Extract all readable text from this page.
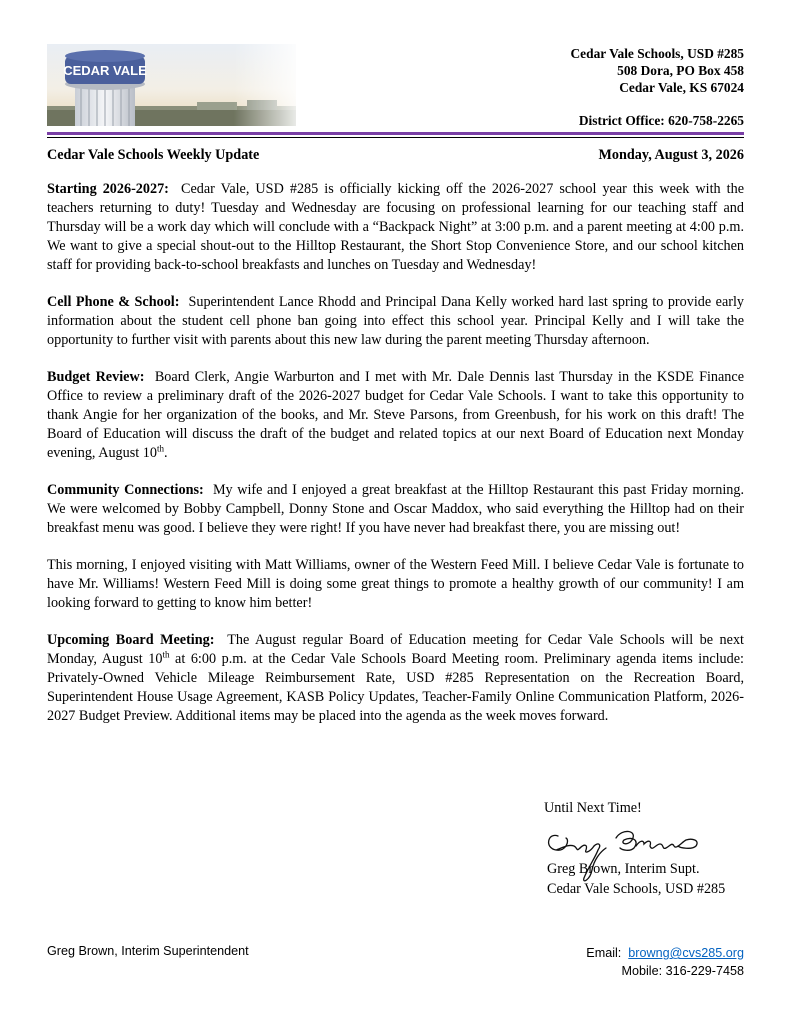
Cedar Vale Schools, USD #285
508 Dora, PO Box 458
Cedar Vale, KS 67024
District Office: 620-758-2265
Cedar Vale Schools Weekly Update	Monday, August 3, 2026

Starting 2026-2027: Cedar Vale, USD #285 is officially kicking off the 2026-2027 school year this week with the teachers returning to duty! Tuesday and Wednesday are focusing on professional learning for our teaching staff and Thursday will be a work day which will conclude with a “Backpack Night” at 3:00 p.m. and a parent meeting at 4:00 p.m. We want to give a special shout-out to the Hilltop Restaurant, the Short Stop Convenience Store, and our school kitchen staff for providing back-to-school breakfasts and lunches on Tuesday and Wednesday!

Cell Phone & School: Superintendent Lance Rhodd and Principal Dana Kelly worked hard last spring to provide early information about the student cell phone ban going into effect this school year. Principal Kelly and I will take the opportunity to further visit with parents about this new law during the parent meeting Thursday afternoon.

Budget Review: Board Clerk, Angie Warburton and I met with Mr. Dale Dennis last Thursday in the KSDE Finance Office to review a preliminary draft of the 2026-2027 budget for Cedar Vale Schools. I want to take this opportunity to thank Angie for her organization of the books, and Mr. Steve Parsons, from Greenbush, for his work on this draft! The Board of Education will discuss the draft of the budget and related topics at our next Board of Education next Monday evening, August 10th.

Community Connections: My wife and I enjoyed a great breakfast at the Hilltop Restaurant this past Friday morning. We were welcomed by Bobby Campbell, Donny Stone and Oscar Maddox, who said everything the Hilltop had on their breakfast menu was good. I believe they were right! If you have never had breakfast there, you are missing out!

This morning, I enjoyed visiting with Matt Williams, owner of the Western Feed Mill. I believe Cedar Vale is fortunate to have Mr. Williams! Western Feed Mill is doing some great things to promote a healthy growth of our community! I am looking forward to getting to know him better!

Upcoming Board Meeting: The August regular Board of Education meeting for Cedar Vale Schools will be next Monday, August 10th at 6:00 p.m. at the Cedar Vale Schools Board Meeting room. Preliminary agenda items include: Privately-Owned Vehicle Mileage Reimbursement Rate, USD #285 Representation on the Recreation Board, Superintendent House Usage Agreement, KASB Policy Updates, Teacher-Family Online Communication Platform, 2026-2027 Budget Preview. Additional items may be placed into the agenda as the week moves forward.

Until Next Time!
Greg Brown, Interim Supt.
Cedar Vale Schools, USD #285
Greg Brown, Interim Superintendent	Email: browng@cvs285.org
Mobile: 316-229-7458
